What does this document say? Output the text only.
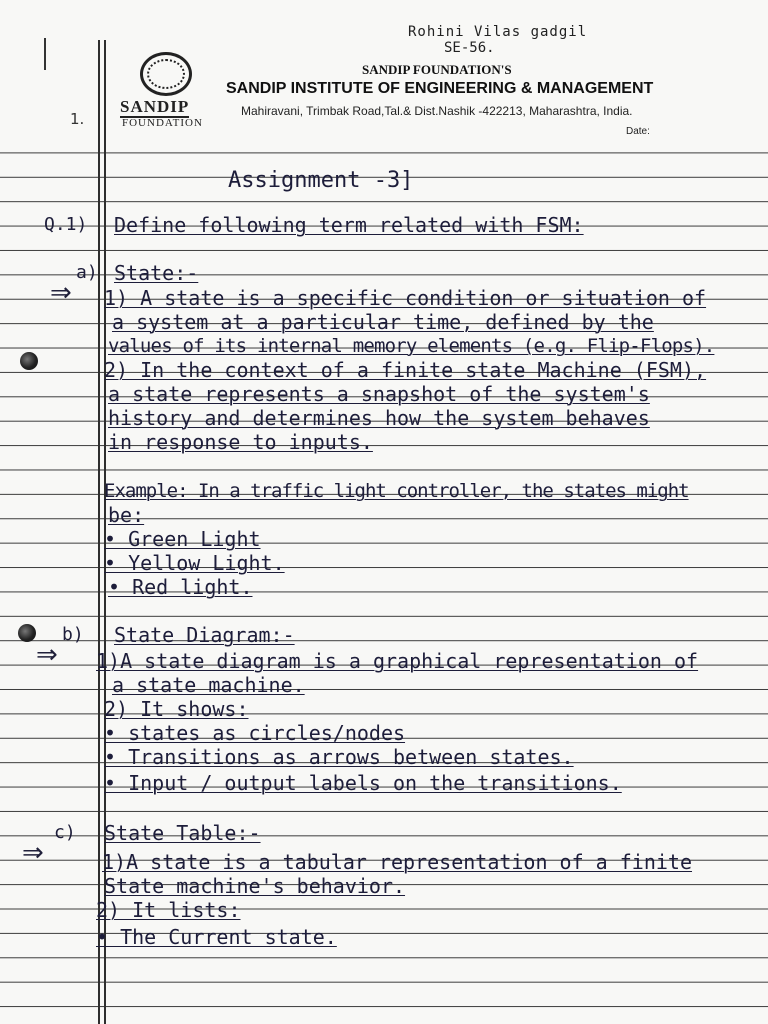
SANDIP
FOUNDATION
SANDIP FOUNDATION'S
SANDIP INSTITUTE OF ENGINEERING & MANAGEMENT
Mahiravani, Trimbak Road,Tal.& Dist.Nashik -422213, Maharashtra, India.
Date:
Rohini Vilas gadgil
SE-56.
1.
Assignment -3]
Q.1) Define following term related with FSM:
a) State:-
⇒ 1) A state is a specific condition or situation of
a system at a particular time, defined by the
values of its internal memory elements (e.g. Flip-Flops).
2) In the context of a finite state Machine (FSM),
a state represents a snapshot of the system's
history and determines how the system behaves
in response to inputs.
Example: In a traffic light controller, the states might
be:
• Green Light
• Yellow Light.
• Red light.
b) State Diagram:-
⇒ 1)A state diagram is a graphical representation of
a state machine.
2) It shows:
• states as circles/nodes
• Transitions as arrows between states.
• Input / output labels on the transitions.
c) State Table:-
⇒	1)A state is a tabular representation of a finite
State machine's behavior.
2) It lists:
• The Current state.
